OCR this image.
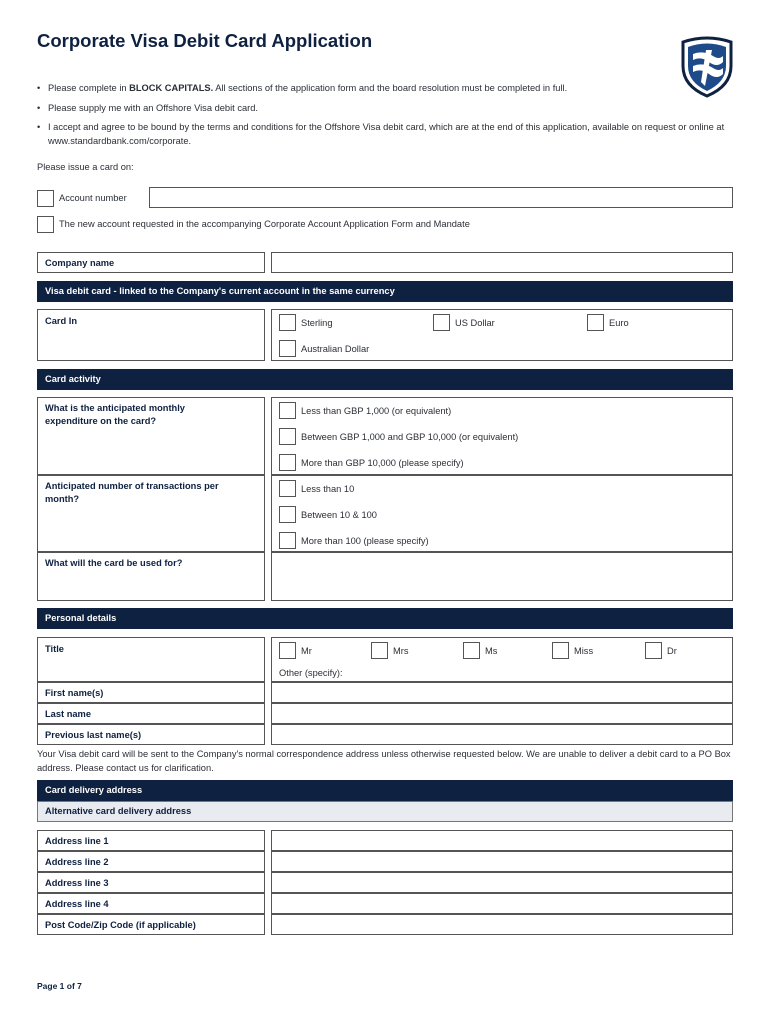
Corporate Visa Debit Card Application
• Please complete in BLOCK CAPITALS. All sections of the application form and the board resolution must be completed in full.
• Please supply me with an Offshore Visa debit card.
• I accept and agree to be bound by the terms and conditions for the Offshore Visa debit card, which are at the end of this application, available on request or online at www.standardbank.com/corporate.
Please issue a card on:
Account number
The new account requested in the accompanying Corporate Account Application Form and Mandate
Company name
Visa debit card - linked to the Company's current account in the same currency
Card In	Sterling	US Dollar	Euro
Australian Dollar
Card activity
What is the anticipated monthly expenditure on the card?
Less than GBP 1,000 (or equivalent)
Between GBP 1,000 and GBP 10,000 (or equivalent)
More than GBP 10,000 (please specify)
Anticipated number of transactions per month?
Less than 10
Between 10 & 100
More than 100 (please specify)
What will the card be used for?
Personal details
Title	Mr	Mrs	Ms	Miss	Dr
Other (specify):
First name(s)
Last name
Previous last name(s)

Your Visa debit card will be sent to the Company's normal correspondence address unless otherwise requested below. We are unable to deliver a debit card to a PO Box address. Please contact us for clarification.

Card delivery address
Alternative card delivery address
Address line 1
Address line 2
Address line 3
Address line 4
Post Code/Zip Code (if applicable)
Page 1 of 7
